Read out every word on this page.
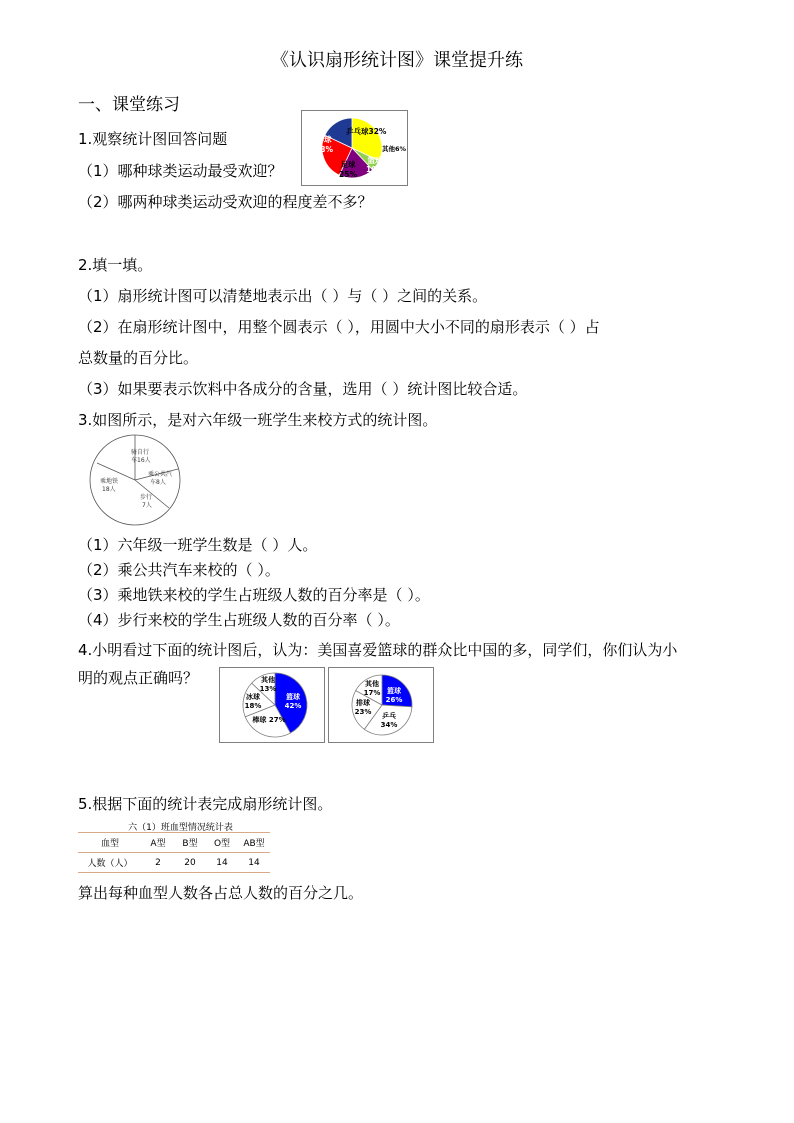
《认识扇形统计图》课堂提升练
一、课堂练习
1.观察统计图回答问题
（1）哪种球类运动最受欢迎？
（2）哪两种球类运动受欢迎的程度差不多？
乒乓球32%
其他6%
篮球
19%
足球
25%
排球
18%
2.填一填。
（1）扇形统计图可以清楚地表示出（ ）与（ ）之间的关系。
（2）在扇形统计图中，用整个圆表示（ ），用圆中大小不同的扇形表示（ ）占
总数量的百分比。
（3）如果要表示饮料中各成分的含量，选用（ ）统计图比较合适。
3.如图所示，是对六年级一班学生来校方式的统计图。
骑自行
车16人
乘公共汽
车8人
步行
7人
乘地铁
18人
（1）六年级一班学生数是（ ）人。
（2）乘公共汽车来校的（ ）。
（3）乘地铁来校的学生占班级人数的百分率是（ ）。
（4）步行来校的学生占班级人数的百分率（ ）。
4.小明看过下面的统计图后，认为：美国喜爱篮球的群众比中国的多，同学们，你们认为小
明的观点正确吗？
篮球
42%
棒球 27%
冰球
18%
其他
13%	篮球
26%
乒乓
34%
排球
23%
其他
17%
5.根据下面的统计表完成扇形统计图。
六（1）班血型情况统计表
血型	A型	B型	O型	AB型
人数（人）	2	20	14	14
算出每种血型人数各占总人数的百分之几。
